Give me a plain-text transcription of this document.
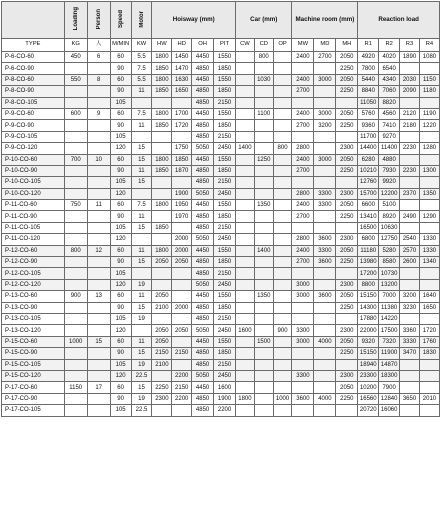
	Loading	Person	Speed	Motor	Hoisway (mm)				Car (mm)			Machine room (mm)			Reaction load			
TYPE	KG	人	M/MIN	KW	HW	HD	OH	PIT	CW	CD	OP	MW	MD	MH	R1	R2	R3	R4
P-6-CO-60	450	6	60	5.5	1800	1450	4450	1550		800		2400	2700	2050	4920	4020	1890	1080
P-6-CO-90			90	7.5	1850	1470	4850	1850						2250	7800	6540		
P-8-CO-60	550	8	60	5.5	1800	1630	4450	1550		1030		2400	3000	2050	5440	4340	2030	1150
P-8-CO-90			90	11	1850	1650	4850	1850				2700		2250	8840	7060	2090	1180
P-8-CO-105			105				4850	2150							11050	8820		
P-9-CO-60	600	9	60	7.5	1800	1700	4450	1550		1100		2400	3000	2050	5760	4560	2120	1190
P-9-CO-90			90	11	1850	1720	4850	1850				2700	3200	2250	9360	7410	2180	1220
P-9-CO-105			105				4850	2150							11700	9270		
P-9-CO-120			120	15		1750	5050	2450	1400		800	2800		2300	14400	11400	2230	1280
P-10-CO-60	700	10	60	15	1800	1850	4450	1550		1250		2400	3000	2050	6280	4880		
P-10-CO-90			90	11	1850	1870	4850	1850				2700		2250	10210	7930	2230	1300
P-10-CO-105			105	15			4850	2150							12760	9920		
P-10-CO-120			120			1900	5050	2450				2800	3300	2300	15700	12200	2370	1350
P-11-CO-60	750	11	60	7.5	1800	1950	4450	1550		1350		2400	3300	2050	6600	5100		
P-11-CO-90			90	11		1970	4850	1850				2700		2250	13410	8920	2490	1290
P-11-CO-105			105	15	1850		4850	2150							16500	10630		
P-11-CO-120			120			2000	5050	2450				2800	3600	2300	6800	12750	2540	1330
P-12-CO-60	800	12	60	11	1800	2000	4450	1550		1400		2400	3300	2050	11180	5280	2570	1330
P-12-CO-90			90	15	2050	2050	4850	1850				2700	3600	2250	13980	8580	2600	1340
P-12-CO-105			105				4850	2150							17200	10730		
P-12-CO-120			120	19			5050	2450				3000		2300	8800	13200		
P-13-CO-60	900	13	60	11	2050		4450	1550		1350		3000	3600	2050	15150	7000	3200	1640
P-13-CO-90			90	15	2100	2000	4850	1850						2250	14300	11380	3230	1650
P-13-CO-105			105	19			4850	2150							17880	14220		
P-13-CO-120			120		2050	2050	5050	2450	1600		900	3300		2300	22000	17500	3360	1720
P-15-CO-60	1000	15	60	11	2050		4450	1550		1500		3000	4000	2050	9320	7320	3330	1760
P-15-CO-90			90	15	2150	2150	4850	1850						2250	15150	11900	3470	1830
P-15-CO-105			105	19	2100		4850	2150							18940	14870		
P-15-CO-120			120	22.5		2200	5050	2450				3300		2300	23300	18300		
P-17-CO-60	1150	17	60	15	2250	2150	4450	1600						2050	10200	7900		
P-17-CO-90			90	19	2300	2200	4850	1900	1800		1000	3600	4000	2250	16560	12840	3650	2010
P-17-CO-105			105	22.5			4850	2200							20720	16060		
